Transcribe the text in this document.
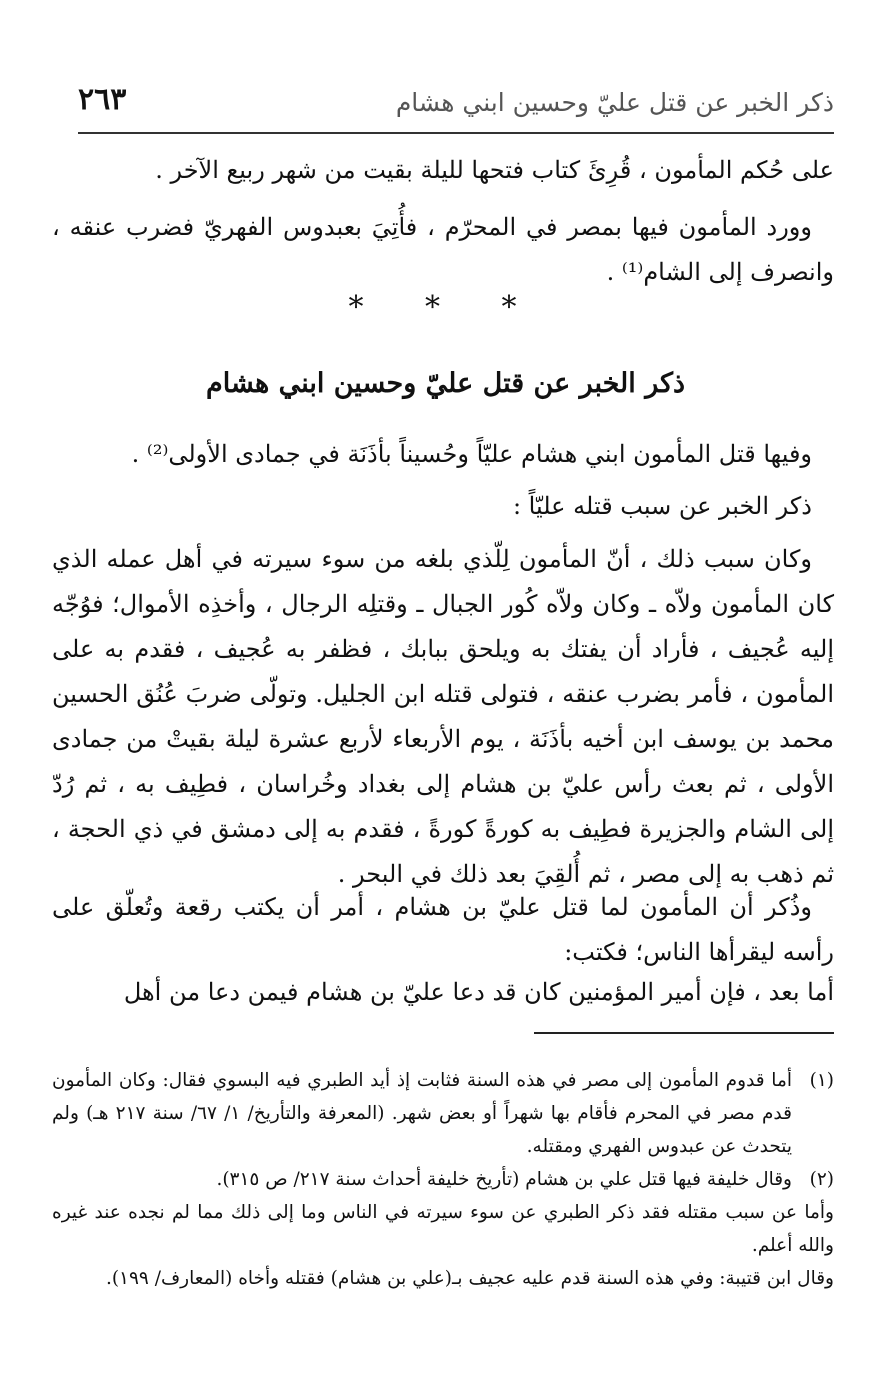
٢٦٣	ذكر الخبر عن قتل عليّ وحسين ابني هشام

على حُكم المأمون ، قُرِئَ كتاب فتحها لليلة بقيت من شهر ربيع الآخر .

وورد المأمون فيها بمصر في المحرّم ، فأُتِيَ بعبدوس الفهريّ فضرب عنقه ، وانصرف إلى الشام⁽¹⁾ .

* * *
ذكر الخبر عن قتل عليّ وحسين ابني هشام

وفيها قتل المأمون ابني هشام عليّاً وحُسيناً بأذَنَة في جمادى الأولى⁽²⁾ .

ذكر الخبر عن سبب قتله عليّاً :

وكان سبب ذلك ، أنّ المأمون لِلّذي بلغه من سوء سيرته في أهل عمله الذي كان المأمون ولاّه ـ وكان ولاّه كُور الجبال ـ وقتلِه الرجال ، وأخذِه الأموال؛ فوُجّه إليه عُجيف ، فأراد أن يفتك به ويلحق ببابك ، فظفر به عُجيف ، فقدم به على المأمون ، فأمر بضرب عنقه ، فتولى قتله ابن الجليل. وتولّى ضربَ عُنُق الحسين محمد بن يوسف ابن أخيه بأذَنَة ، يوم الأربعاء لأربع عشرة ليلة بقيتْ من جمادى الأولى ، ثم بعث رأس عليّ بن هشام إلى بغداد وخُراسان ، فطِيف به ، ثم رُدّ إلى الشام والجزيرة فطِيف به كورةً كورةً ، فقدم به إلى دمشق في ذي الحجة ، ثم ذهب به إلى مصر ، ثم أُلقِيَ بعد ذلك في البحر .

وذُكر أن المأمون لما قتل عليّ بن هشام ، أمر أن يكتب رقعة وتُعلّق على رأسه ليقرأها الناس؛ فكتب:

أما بعد ، فإن أمير المؤمنين كان قد دعا عليّ بن هشام فيمن دعا من أهل

(١)
أما قدوم المأمون إلى مصر في هذه السنة فثابت إذ أيد الطبري فيه البسوي فقال: وكان المأمون قدم مصر في المحرم فأقام بها شهراً أو بعض شهر. (المعرفة والتأريخ/ ١/ ٦٧/ سنة ٢١٧ هـ) ولم يتحدث عن عبدوس الفهري ومقتله.
(٢)
وقال خليفة فيها قتل علي بن هشام (تأريخ خليفة أحداث سنة ٢١٧/ ص ٣١٥).

وأما عن سبب مقتله فقد ذكر الطبري عن سوء سيرته في الناس وما إلى ذلك مما لم نجده عند غيره والله أعلم.

وقال ابن قتيبة: وفي هذه السنة قدم عليه عجيف بـ(علي بن هشام) فقتله وأخاه (المعارف/ ١٩٩).
